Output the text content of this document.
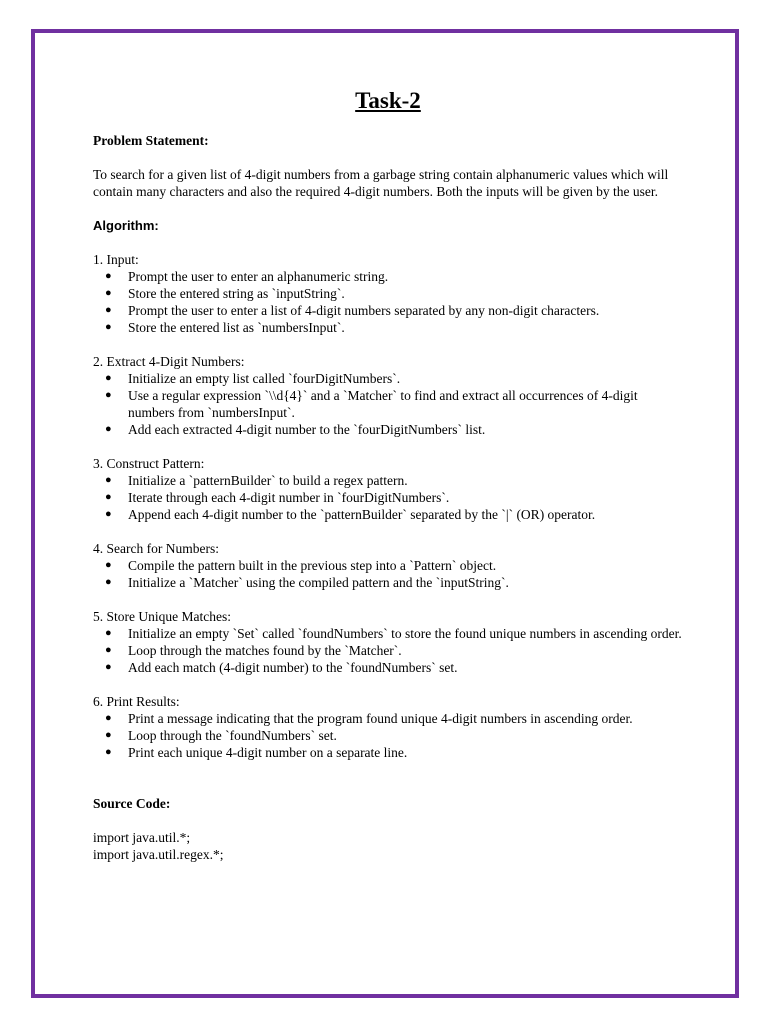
Task-2

Problem Statement:

To search for a given list of 4-digit numbers from a garbage string contain alphanumeric values which will contain many characters and also the required 4-digit numbers. Both the inputs will be given by the user.

Algorithm:

1. Input:

● Prompt the user to enter an alphanumeric string.
● Store the entered string as `inputString`.
● Prompt the user to enter a list of 4-digit numbers separated by any non-digit characters.
● Store the entered list as `numbersInput`.

2. Extract 4-Digit Numbers:

● Initialize an empty list called `fourDigitNumbers`.
● Use a regular expression `\\d{4}` and a `Matcher` to find and extract all occurrences of 4-digit numbers from `numbersInput`.
● Add each extracted 4-digit number to the `fourDigitNumbers` list.

3. Construct Pattern:

● Initialize a `patternBuilder` to build a regex pattern.
● Iterate through each 4-digit number in `fourDigitNumbers`.
● Append each 4-digit number to the `patternBuilder` separated by the `|` (OR) operator.

4. Search for Numbers:

● Compile the pattern built in the previous step into a `Pattern` object.
● Initialize a `Matcher` using the compiled pattern and the `inputString`.

5. Store Unique Matches:

● Initialize an empty `Set` called `foundNumbers` to store the found unique numbers in ascending order.
● Loop through the matches found by the `Matcher`.
● Add each match (4-digit number) to the `foundNumbers` set.

6. Print Results:

● Print a message indicating that the program found unique 4-digit numbers in ascending order.
● Loop through the `foundNumbers` set.
● Print each unique 4-digit number on a separate line.

Source Code:

import java.util.*;

import java.util.regex.*;
